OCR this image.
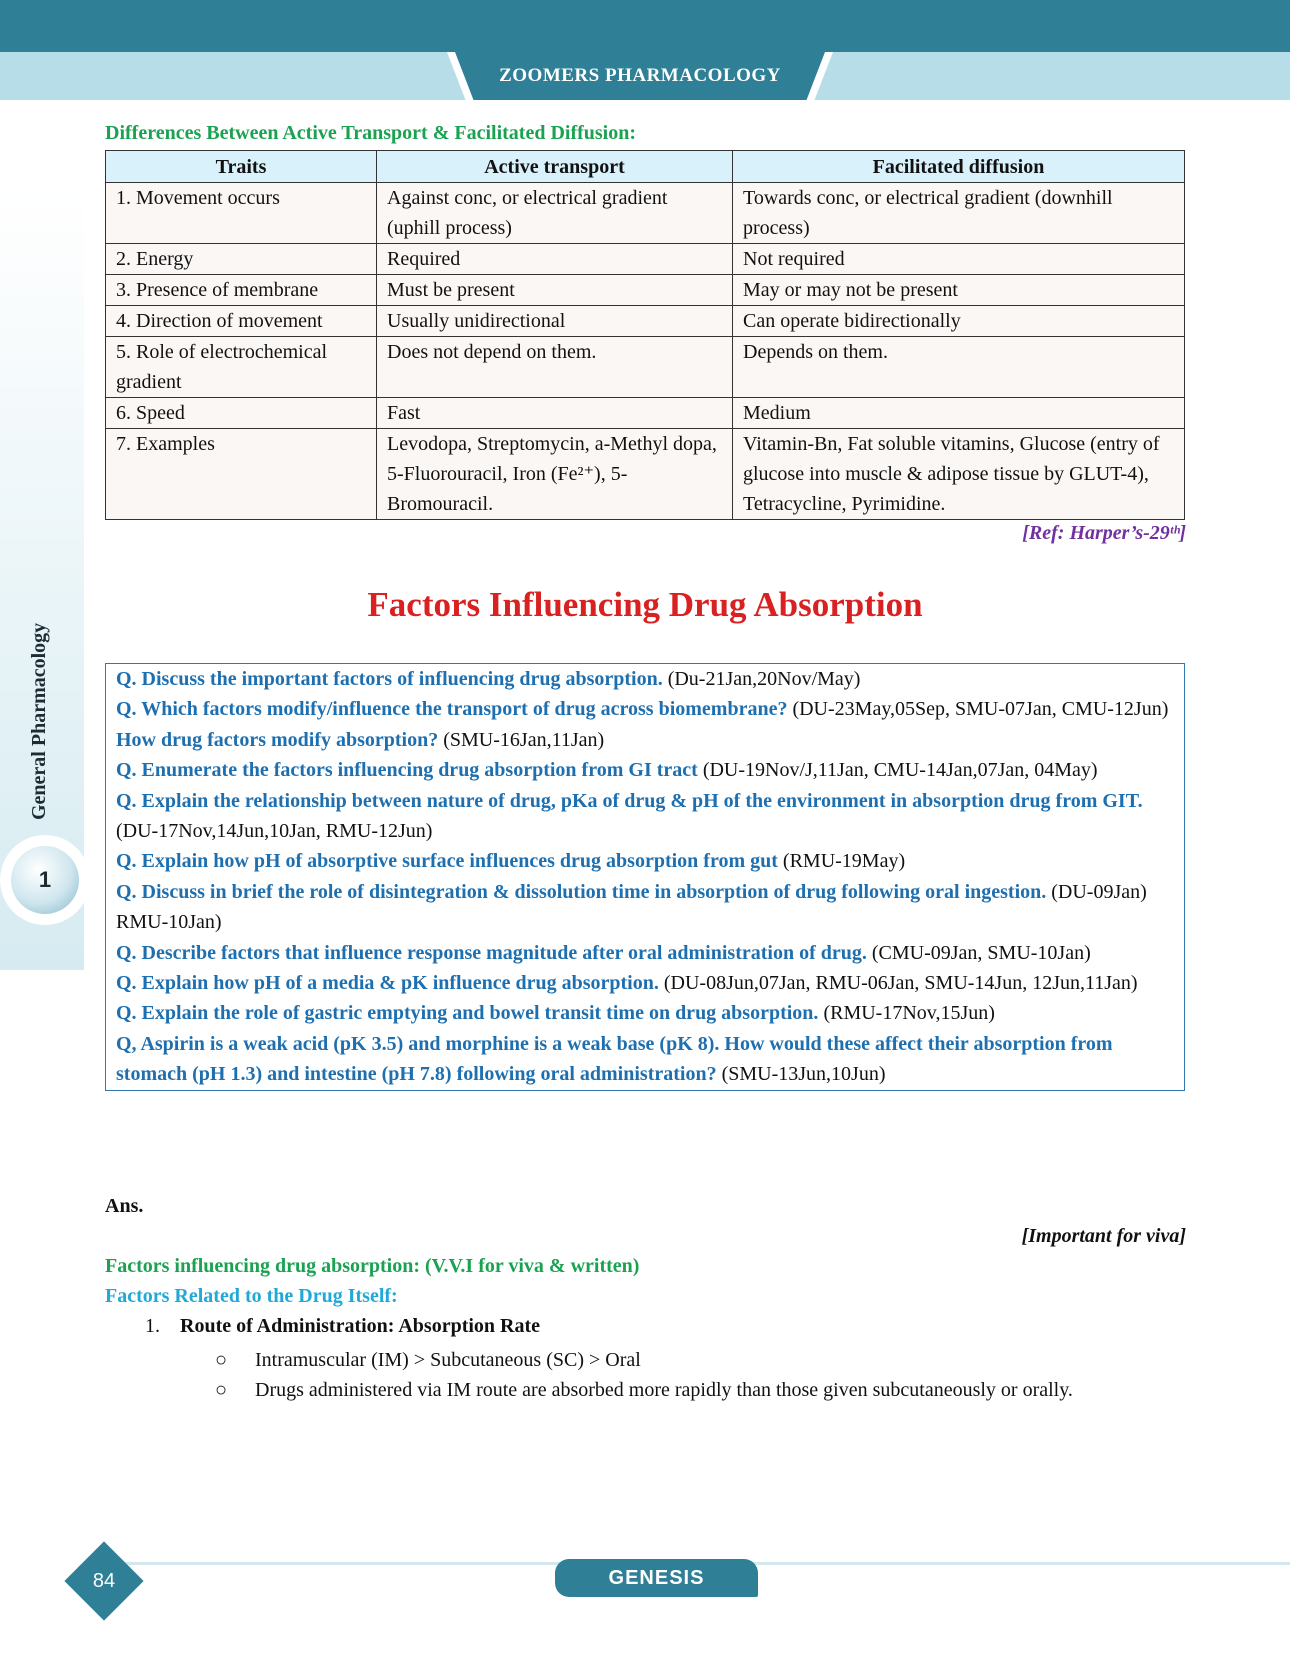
ZOOMERS PHARMACOLOGY
General Pharmacology
1
Differences Between Active Transport & Facilitated Diffusion:
Traits	Active transport	Facilitated diffusion
1. Movement occurs	Against conc, or electrical gradient (uphill process)	Towards conc, or electrical gradient (downhill process)
2. Energy	Required	Not required
3. Presence of membrane	Must be present	May or may not be present
4. Direction of movement	Usually unidirectional	Can operate bidirectionally
5. Role of electrochemical gradient	Does not depend on them.	Depends on them.
6. Speed	Fast	Medium
7. Examples	Levodopa, Streptomycin, a-Methyl dopa, 5-Fluorouracil, Iron (Fe²⁺), 5-Bromouracil.	Vitamin-Bn, Fat soluble vitamins, Glucose (entry of glucose into muscle & adipose tissue by GLUT-4), Tetracycline, Pyrimidine.
[Ref: Harper’s-29ᵗʰ]
Factors Influencing Drug Absorption

Q. Discuss the important factors of influencing drug absorption. (Du-21Jan,20Nov/May)

Q. Which factors modify/influence the transport of drug across biomembrane? (DU-23May,05Sep, SMU-07Jan, CMU-12Jun) How drug factors modify absorption? (SMU-16Jan,11Jan)

Q. Enumerate the factors influencing drug absorption from GI tract (DU-19Nov/J,11Jan, CMU-14Jan,07Jan, 04May)

Q. Explain the relationship between nature of drug, pKa of drug & pH of the environment in absorption drug from GIT. (DU-17Nov,14Jun,10Jan, RMU-12Jun)

Q. Explain how pH of absorptive surface influences drug absorption from gut (RMU-19May)

Q. Discuss in brief the role of disintegration & dissolution time in absorption of drug following oral ingestion. (DU-09Jan) RMU-10Jan)

Q. Describe factors that influence response magnitude after oral administration of drug. (CMU-09Jan, SMU-10Jan)

Q. Explain how pH of a media & pK influence drug absorption. (DU-08Jun,07Jan, RMU-06Jan, SMU-14Jun, 12Jun,11Jan)

Q. Explain the role of gastric emptying and bowel transit time on drug absorption. (RMU-17Nov,15Jun)

Q, Aspirin is a weak acid (pK 3.5) and morphine is a weak base (pK 8). How would these affect their absorption from stomach (pH 1.3) and intestine (pH 7.8) following oral administration? (SMU-13Jun,10Jun)

Ans.
[Important for viva]
Factors influencing drug absorption: (V.V.I for viva & written)
Factors Related to the Drug Itself:
1. Route of Administration: Absorption Rate
○	Intramuscular (IM) > Subcutaneous (SC) > Oral
○	Drugs administered via IM route are absorbed more rapidly than those given subcutaneously or orally.
84	GENESIS
